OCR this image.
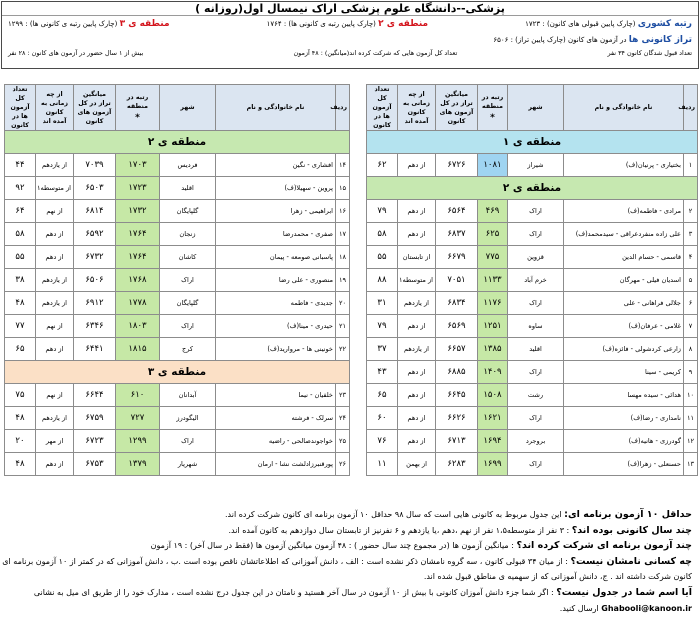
پزشکی--دانشگاه علوم پزشکی اراک نیمسال اول(روزانه )
رتبه کشوری (چارک پایین قبولی های کانون) : ۱۷۲۳
منطقه ی ۲ (چارک پایین رتبه ی کانونی ها) : ۱۷۶۴
منطقه ی ۳ (چارک پایین رتبه ی کانونی ها) : ۱۲۹۹
تراز کانونی ها در آزمون های کانون (چارک پایین تراز) : ۶۵۰۶
تعداد قبول شدگان کانون ۳۴ نفر
تعداد کل آزمون هایی که شرکت کرده اند(میانگین) : ۴۸ آزمون
بیش از ۱ سال حضور در آزمون های کانون : ۲۸ نفر
ردیف	نام خانوادگی و نام	شهر	رتبه در منطقه
*	میانگین تراز در کل آزمون های کانون	از چه زمانی به کانون آمده اند	تعداد کل آزمون ها در کانون
منطقه ی ۱						
۱	بختیاری - پرنیان(ف)	شیراز	۱۰۸۱	۶۷۲۶	از دهم	۶۲
منطقه ی ۲						
۲	مرادی - فاطمه(ف)	اراک	۴۶۹	۶۵۶۴	از دهم	۷۹
۳	علی زاده منفردعراقی - سیدمحمد(ف)	اراک	۶۲۵	۶۸۳۷	از دهم	۵۸
۴	قاسمی - حسام الدین	قزوین	۷۷۵	۶۶۷۹	از تابستان	۵۵
۵	اسدیان فیلی - مهرگان	خرم آباد	۱۱۳۳	۷۰۵۱	از متوسطه۱	۸۸
۶	جلالی فراهانی - علی	اراک	۱۱۷۶	۶۸۳۴	از یازدهم	۳۱
۷	غلامی - عرفان(ف)	ساوه	۱۲۵۱	۶۵۶۹	از دهم	۷۹
۸	زارعی کردشولی - فائزه(ف)	اقلید	۱۳۸۵	۶۶۵۷	از یازدهم	۳۷
۹	کریمی - سینا	اراک	۱۴۰۹	۶۸۸۵	از دهم	۴۳
۱۰	هدائی - سیده مهسا	رشت	۱۵۰۸	۶۶۴۵	از دهم	۶۵
۱۱	نامداری - رضا(ف)	اراک	۱۶۲۱	۶۶۲۶	از دهم	۶۰
۱۲	گودرزی - هانیه(ف)	بروجرد	۱۶۹۴	۶۷۱۳	از دهم	۷۶
۱۳	حسنعلی - زهرا(ف)	اراک	۱۶۹۹	۶۲۸۳	از بهمن	۱۱
ردیف	نام خانوادگی و نام	شهر	رتبه در منطقه
*	میانگین تراز در کل آزمون های کانون	از چه زمانی به کانون آمده اند	تعداد کل آزمون ها در کانون
منطقه ی ۲						
۱۴	افشاری - نگین	فردیس	۱۷۰۳	۷۰۳۹	از یازدهم	۴۴
۱۵	پروین - سهیلا(ف)	اقلید	۱۷۲۳	۶۵۰۳	از متوسطه۱	۹۲
۱۶	ابراهیمی - زهرا	گلپایگان	۱۷۳۲	۶۸۱۴	از نهم	۶۴
۱۷	صفری - محمدرضا	زنجان	۱۷۶۴	۶۵۹۲	از دهم	۵۸
۱۸	پاسبانی صومعه - پیمان	کاشان	۱۷۶۴	۶۷۳۲	از دهم	۵۵
۱۹	منصوری - علی رضا	اراک	۱۷۶۸	۶۵۰۶	از یازدهم	۳۸
۲۰	جدیدی - فاطمه	گلپایگان	۱۷۷۸	۶۹۱۲	از یازدهم	۴۸
۲۱	حیدری - مینا(ف)	اراک	۱۸۰۳	۶۳۴۶	از نهم	۷۷
۲۲	خونینی ها - مروارید(ف)	کرج	۱۸۱۵	۶۴۴۱	از دهم	۶۵
منطقه ی ۳						
۲۳	خلفیان - نیما	آبدانان	۶۱۰	۶۶۴۴	از نهم	۷۵
۲۴	سرلک - فرشته	الیگودرز	۷۲۷	۶۷۵۹	از یازدهم	۴۸
۲۵	خواجوندصالحی - راضیه	اراک	۱۲۹۹	۶۷۲۳	از مهر	۲۰
۲۶	پورقنبرزادلشت نشا - ارمان	شهریار	۱۳۷۹	۶۷۵۳	از دهم	۴۸
حداقل ۱۰ آزمون برنامه ای: این جدول مربوط به کانونی هایی است که سال ۹۸ حداقل ۱۰ آزمون برنامه ای کانون شرکت کرده اند.
چند سال کانونی بوده اند؟ : ۳ نفر از متوسطه۱،۵ نفر از نهم ،دهم ،یا یازدهم و ۶ نفرنیز از تابستان سال دوازدهم به کانون آمده اند.
چند آزمون برنامه ای شرکت کرده اند؟ : میانگین آزمون ها (در مجموع چند سال حضور ) : ۴۸ آزمون میانگین آزمون ها (فقط در سال آخر) : ۱۹ آزمون
چه کسانی نامشان نیست؟ : از میان ۳۴ قبولی کانون ، سه گروه نامشان ذکر نشده است : الف ، دانش آموزانی که اطلاعاتشان ناقص بوده است .ب ، دانش آموزانی که در کمتر از ۱۰ آزمون برنامه ای
کانون شرکت داشته اند . ج، دانش آموزانی که از سهمیه ی مناطق قبول شده اند.
آیا اسم شما در جدول نیست؟ : اگر شما جزء دانش آموزان کانونی با بیش از ۱۰ آزمون در سال آخر هستید و نامتان در این جدول درج نشده است ، مدارک خود را از طریق ای میل به نشانی
Ghabooli@kanoon.ir ارسال کنید.
